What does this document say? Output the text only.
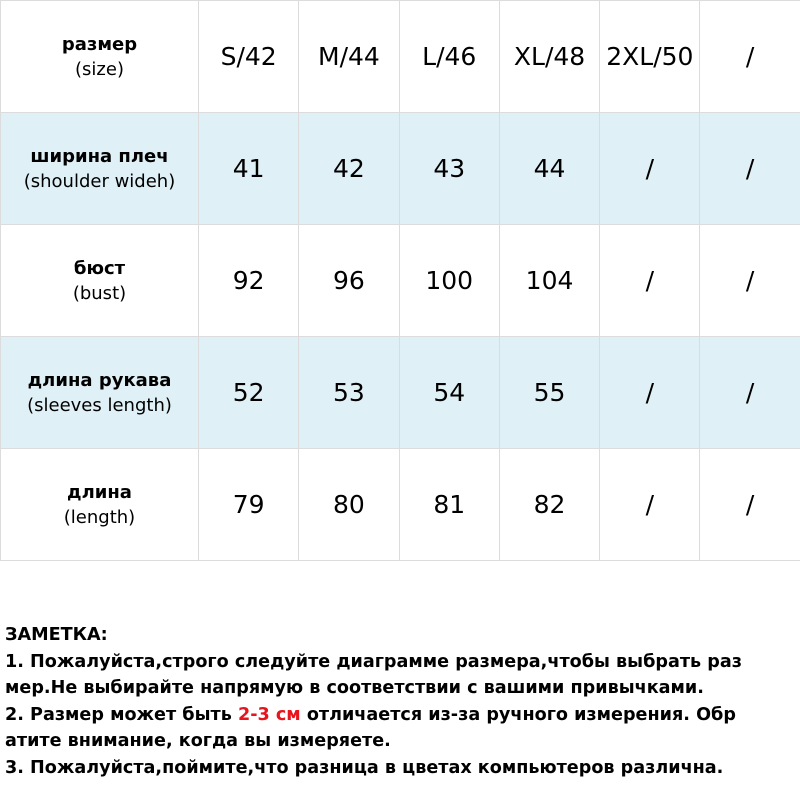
размер
(size)	S/42	M/44	L/46	XL/48	2XL/50	/

ширина плеч
(shoulder wideh)	41	42	43	44	/	/

бюст
(bust)	92	96	100	104	/	/

длина рукава
(sleeves length)	52	53	54	55	/	/

длина
(length)	79	80	81	82	/	/
ЗАМЕТКА:
1. Пожалуйста,строго следуйте диаграмме размера,чтобы выбрать раз
мер.Не выбирайте напрямую в соответствии с вашими привычками.
2. Размер может быть 2-3 см отличается из-за ручного измерения. Обр
атите внимание, когда вы измеряете.
3. Пожалуйста,поймите,что разница в цветах компьютеров различна.
